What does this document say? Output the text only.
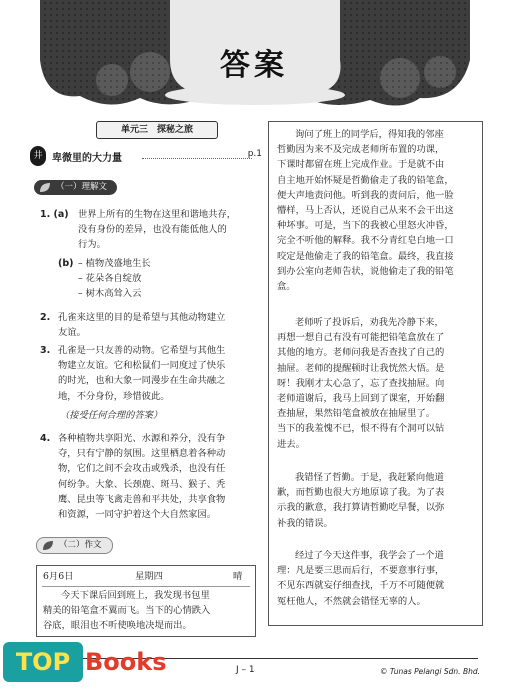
答案
单元三　探秘之旅
井 卑微里的大力量	p.1
（一）理解文
1. (a) 世界上所有的生物在这里和谐地共存，
没有身份的差异，也没有能低他人的
行为。
(b) – 植物茂盛地生长
– 花朵各自绽放
– 树木高耸入云
2. 孔雀来这里的目的是希望与其他动物建立
友谊。
3. 孔雀是一只友善的动物。它希望与其他生
物建立友谊。它和松鼠们一同度过了快乐
的时光，也和大象一同漫步在生命共融之
地，不分身份，珍惜彼此。
（接受任何合理的答案）
4. 各种植物共享阳光、水源和养分，没有争
夺，只有宁静的氛围。这里栖息着各种动
物，它们之间不会攻击或残杀，也没有任
何纷争。大象、长颈鹿、斑马、猴子、秃
鹰、昆虫等飞禽走兽和平共处，共享食物
和资源，一同守护着这个大自然家园。
（二）作文
6月6日	星期四	晴
今天下课后回到班上，我发现书包里
精美的铅笔盒不翼而飞。当下的心情跌入
谷底，眼泪也不听使唤地决堤而出。
询问了班上的同学后，得知我的邻座
哲勤因为来不及完成老师所布置的功课，
下课时都留在班上完成作业。于是就不由
自主地开始怀疑是哲勤偷走了我的铅笔盒，
便大声地责问他。听到我的责问后，他一脸
懵样，马上否认，还说自己从来不会干出这
种坏事。可是，当下的我被心里怒火冲昏，
完全不听他的解释。我不分青红皂白地一口
咬定是他偷走了我的铅笔盒。最终，我直接
到办公室向老师告状，说他偷走了我的铅笔
盒。
老师听了投诉后，劝我先冷静下来，
再想一想自己有没有可能把铅笔盒放在了
其他的地方。老师问我是否查找了自己的
抽屉。老师的提醒顿时让我恍然大悟。是
呀！我刚才太心急了，忘了查找抽屉。向
老师道谢后，我马上回到了课室，开始翻
查抽屉，果然铅笔盒被放在抽屉里了。
当下的我羞愧不已，恨不得有个洞可以钻
进去。
我错怪了哲勤。于是，我赶紧向他道
歉，而哲勤也很大方地原谅了我。为了表
示我的歉意，我打算请哲勤吃早餐，以弥
补我的错误。
经过了今天这件事，我学会了一个道
理：凡是要三思而后行，不要意事行事，
不见东西就妄仔细查找，千万不可随便就
冤枉他人，不然就会错怪无辜的人。
J – 1	© Tunas Pelangi Sdn. Bhd.
TOP Books
